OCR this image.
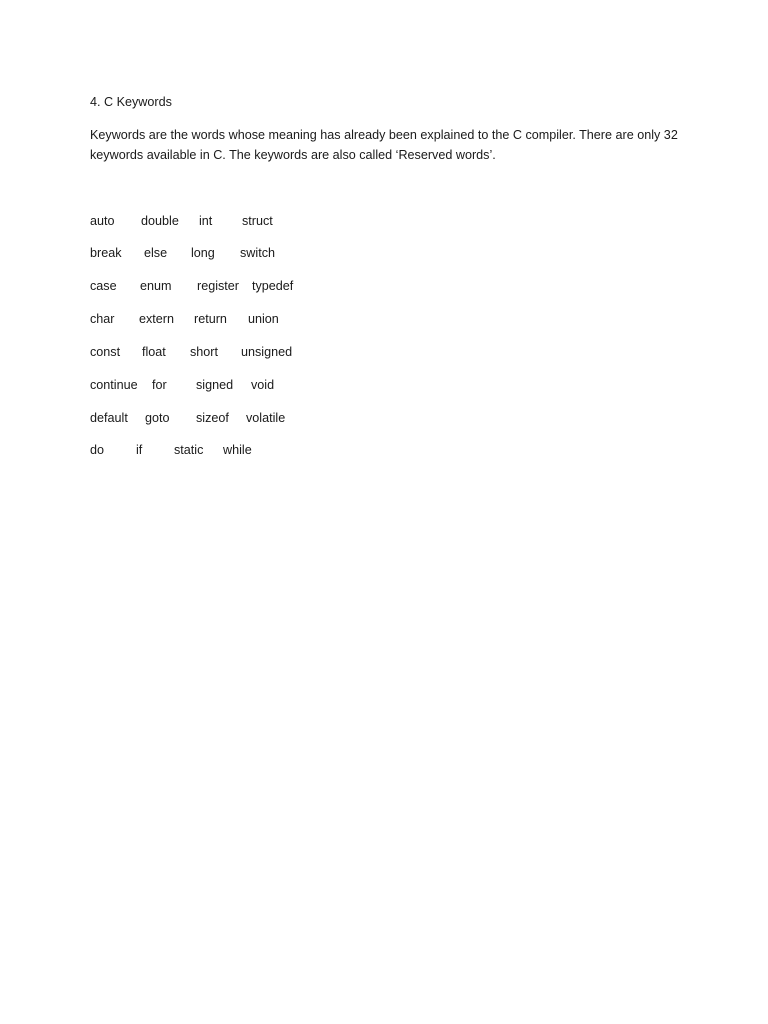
4. C Keywords

Keywords are the words whose meaning has already been explained to the C compiler. There are only 32 keywords available in C. The keywords are also called ‘Reserved words’.

auto double int struct
break else long switch
case enum register typedef
char extern return union
const float short unsigned
continue for signed void
default goto sizeof volatile
do	if	static while
